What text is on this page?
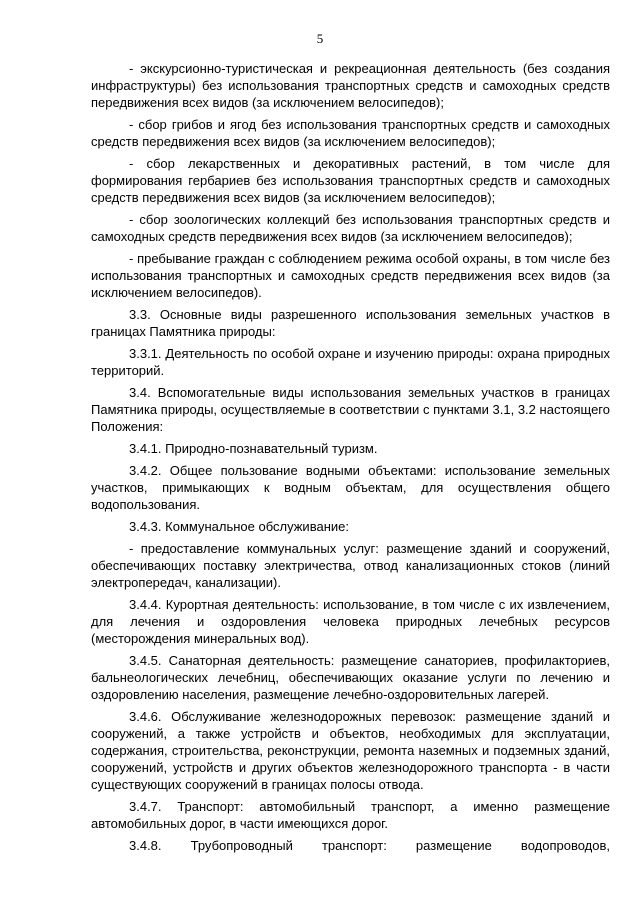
5

- экскурсионно-туристическая и рекреационная деятельность (без создания инфраструктуры) без использования транспортных средств и самоходных средств передвижения всех видов (за исключением велосипедов);

- сбор грибов и ягод без использования транспортных средств и самоходных средств передвижения всех видов (за исключением велосипедов);

- сбор лекарственных и декоративных растений, в том числе для формирования гербариев без использования транспортных средств и самоходных средств передвижения всех видов (за исключением велосипедов);

- сбор зоологических коллекций без использования транспортных средств и самоходных средств передвижения всех видов (за исключением велосипедов);

- пребывание граждан с соблюдением режима особой охраны, в том числе без использования транспортных и самоходных средств передвижения всех видов (за исключением велосипедов).

3.3. Основные виды разрешенного использования земельных участков в границах Памятника природы:

3.3.1. Деятельность по особой охране и изучению природы: охрана природных территорий.

3.4. Вспомогательные виды использования земельных участков в границах Памятника природы, осуществляемые в соответствии с пунктами 3.1, 3.2 настоящего Положения:

3.4.1. Природно-познавательный туризм.

3.4.2. Общее пользование водными объектами: использование земельных участков, примыкающих к водным объектам, для осуществления общего водопользования.

3.4.3. Коммунальное обслуживание:

- предоставление коммунальных услуг: размещение зданий и сооружений, обеспечивающих поставку электричества, отвод канализационных стоков (линий электропередач, канализации).

3.4.4. Курортная деятельность: использование, в том числе с их извлечением, для лечения и оздоровления человека природных лечебных ресурсов (месторождения минеральных вод).

3.4.5. Санаторная деятельность: размещение санаториев, профилакториев, бальнеологических лечебниц, обеспечивающих оказание услуги по лечению и оздоровлению населения, размещение лечебно-оздоровительных лагерей.

3.4.6. Обслуживание железнодорожных перевозок: размещение зданий и сооружений, а также устройств и объектов, необходимых для эксплуатации, содержания, строительства, реконструкции, ремонта наземных и подземных зданий, сооружений, устройств и других объектов железнодорожного транспорта - в части существующих сооружений в границах полосы отвода.

3.4.7. Транспорт: автомобильный транспорт, а именно размещение автомобильных дорог, в части имеющихся дорог.

3.4.8. Трубопроводный транспорт: размещение водопроводов,
